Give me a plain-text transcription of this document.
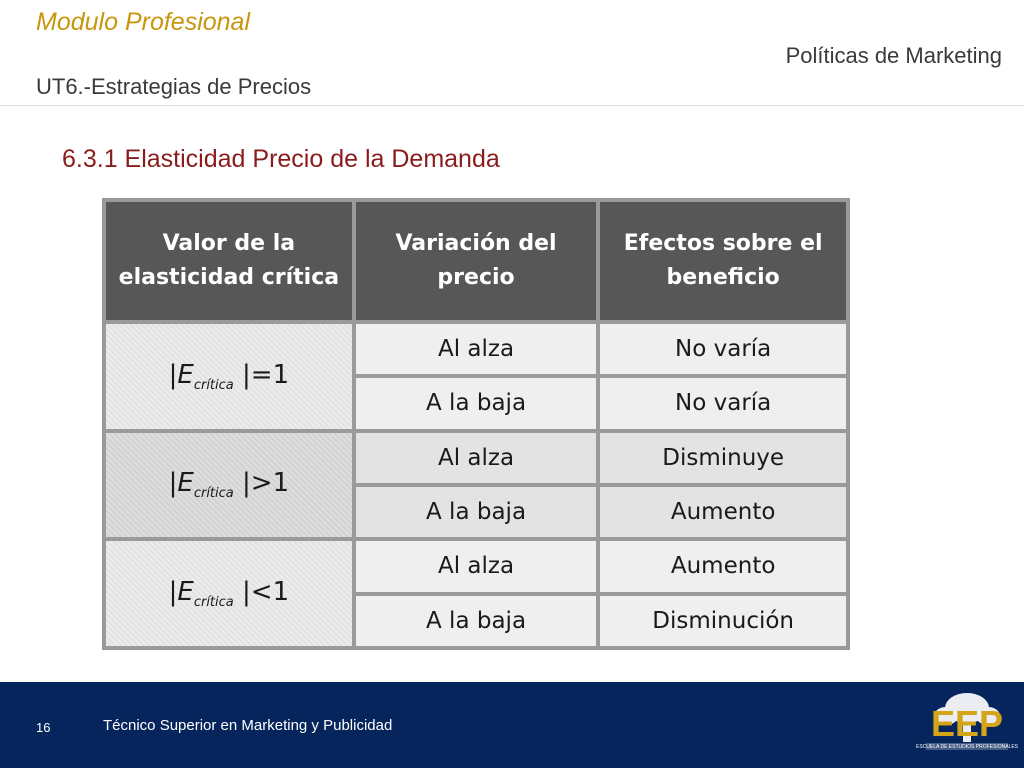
Modulo Profesional
UT6.-Estrategias de Precios
Políticas de Marketing
6.3.1 Elasticidad Precio de la Demanda
Valor de la elasticidad crítica	Variación del precio	Efectos sobre el beneficio
$|E_{crítica}$ |=1	Al alza	No varía
	A la baja	No varía
$|E_{crítica}$ |>1	Al alza	Disminuye
	A la baja	Aumento
$|E_{crítica}$ |<1	Al alza	Aumento
	A la baja	Disminución
16	Técnico Superior en Marketing y Publicidad	EEP
ESCUELA DE ESTUDIOS PROFESIONALES
